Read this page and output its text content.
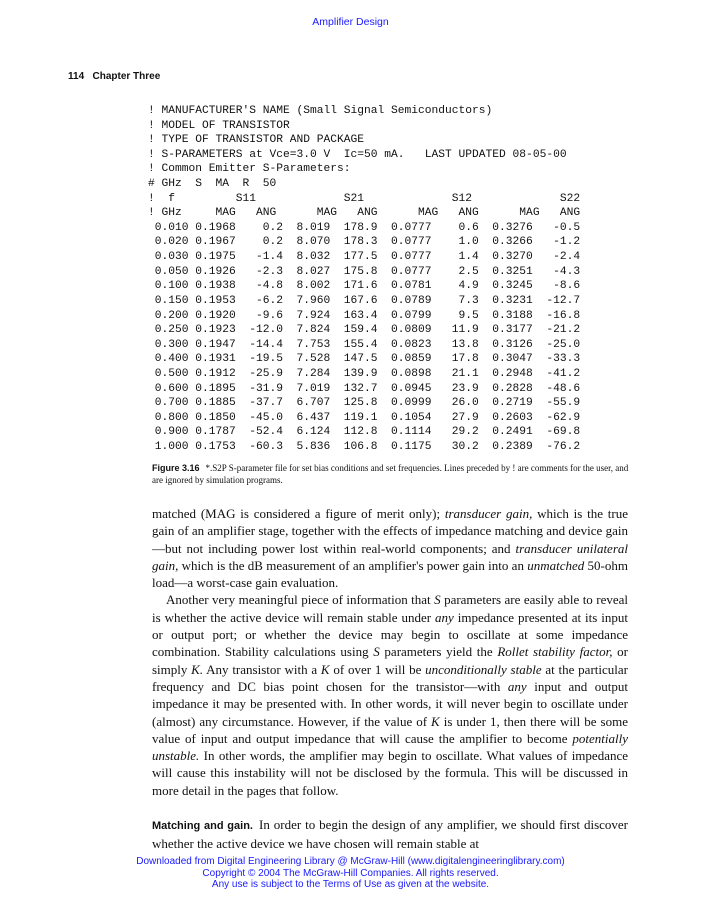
Amplifier Design
114 Chapter Three
! MANUFACTURER'S NAME (Small Signal Semiconductors)
! MODEL OF TRANSISTOR
! TYPE OF TRANSISTOR AND PACKAGE
! S-PARAMETERS at Vce=3.0 V  Ic=50 mA.   LAST UPDATED 08-05-00
! Common Emitter S-Parameters:
# GHz  S  MA  R  50
!  f         S11             S21             S12             S22
! GHz     MAG   ANG      MAG   ANG      MAG   ANG      MAG   ANG
0.010 0.1968    0.2  8.019  178.9  0.0777    0.6  0.3276   -0.5
0.020 0.1967    0.2  8.070  178.3  0.0777    1.0  0.3266   -1.2
0.030 0.1975   -1.4  8.032  177.5  0.0777    1.4  0.3270   -2.4
0.050 0.1926   -2.3  8.027  175.8  0.0777    2.5  0.3251   -4.3
0.100 0.1938   -4.8  8.002  171.6  0.0781    4.9  0.3245   -8.6
0.150 0.1953   -6.2  7.960  167.6  0.0789    7.3  0.3231  -12.7
0.200 0.1920   -9.6  7.924  163.4  0.0799    9.5  0.3188  -16.8
0.250 0.1923  -12.0  7.824  159.4  0.0809   11.9  0.3177  -21.2
0.300 0.1947  -14.4  7.753  155.4  0.0823   13.8  0.3126  -25.0
0.400 0.1931  -19.5  7.528  147.5  0.0859   17.8  0.3047  -33.3
0.500 0.1912  -25.9  7.284  139.9  0.0898   21.1  0.2948  -41.2
0.600 0.1895  -31.9  7.019  132.7  0.0945   23.9  0.2828  -48.6
0.700 0.1885  -37.7  6.707  125.8  0.0999   26.0  0.2719  -55.9
0.800 0.1850  -45.0  6.437  119.1  0.1054   27.9  0.2603  -62.9
0.900 0.1787  -52.4  6.124  112.8  0.1114   29.2  0.2491  -69.8
1.000 0.1753  -60.3  5.836  106.8  0.1175   30.2  0.2389  -76.2
Figure 3.16 *.S2P S-parameter file for set bias conditions and set frequencies. Lines preceded by ! are comments for the user, and are ignored by simulation programs.

matched (MAG is considered a figure of merit only); transducer gain, which is the true gain of an amplifier stage, together with the effects of impedance matching and device gain—but not including power lost within real-world components; and transducer unilateral gain, which is the dB measurement of an amplifier's power gain into an unmatched 50-ohm load—a worst-case gain evaluation.

Another very meaningful piece of information that S parameters are easily able to reveal is whether the active device will remain stable under any impedance presented at its input or output port; or whether the device may begin to oscillate at some impedance combination. Stability calculations using S parameters yield the Rollet stability factor, or simply K. Any transistor with a K of over 1 will be unconditionally stable at the particular frequency and DC bias point chosen for the transistor—with any input and output impedance it may be presented with. In other words, it will never begin to oscillate under (almost) any circumstance. However, if the value of K is under 1, then there will be some value of input and output impedance that will cause the amplifier to become potentially unstable. In other words, the amplifier may begin to oscillate. What values of impedance will cause this instability will not be disclosed by the formula. This will be discussed in more detail in the pages that follow.

Matching and gain. In order to begin the design of any amplifier, we should first discover whether the active device we have chosen will remain stable at

Downloaded from Digital Engineering Library @ McGraw-Hill (www.digitalengineeringlibrary.com)
Copyright © 2004 The McGraw-Hill Companies. All rights reserved.
Any use is subject to the Terms of Use as given at the website.
